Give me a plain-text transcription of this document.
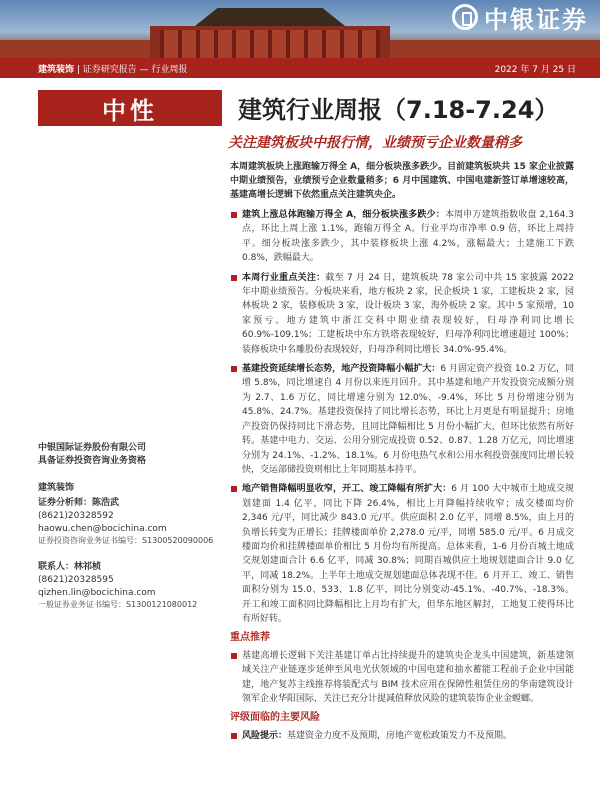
中银证券
建筑装饰 | 证券研究报告 — 行业周报	2022 年 7 月 25 日
中性	建筑行业周报（7.18-7.24）
关注建筑板块中报行情，业绩预亏企业数量稍多
本周建筑板块上涨跑输万得全 A，细分板块涨多跌少。目前建筑板块共 15 家企业披露中期业绩预告，业绩预亏企业数量稍多；6 月中国建筑、中国电建新签订单增速较高，基建高增长逻辑下依然重点关注建筑央企。
建筑上涨总体跑输万得全 A，细分板块涨多跌少：本周申万建筑指数收盘 2,164.3 点，环比上周上涨 1.1%，跑输万得全 A。行业平均市净率 0.9 倍，环比上周持平。细分板块涨多跌少，其中装修板块上涨 4.2%，涨幅最大；土建施工下跌 0.8%，跌幅最大。
本周行业重点关注：截至 7 月 24 日，建筑板块 78 家公司中共 15 家披露 2022 年中期业绩预告。分板块来看，地方板块 2 家，民企板块 1 家，工建板块 2 家，园林板块 2 家，装修板块 3 家，设计板块 3 家，海外板块 2 家。其中 5 家预增，10 家预亏。地方建筑中浙江交科中期业绩表现较好，归母净利同比增长 60.9%-109.1%；工建板块中东方铁塔表现较好，归母净利同比增速超过 100%；装修板块中名雕股份表现较好，归母净利同比增长 34.0%-95.4%。
基建投资延续增长态势，地产投资降幅小幅扩大：6 月固定资产投资 10.2 万亿，同增 5.8%，同比增速自 4 月份以来连月回升。其中基建和地产开发投资完成额分别为 2.7、1.6 万亿，同比增速分别为 12.0%、-9.4%，环比 5 月份增速分别为 45.8%、24.7%。基建投资保持了同比增长态势，环比上月更是有明显提升；房地产投资仍保持同比下滑态势，且同比降幅相比 5 月份小幅扩大，但环比依然有所好转。基建中电力、交运、公用分别完成投资 0.52、0.87、1.28 万亿元，同比增速分别为 24.1%、-1.2%、18.1%。6 月份电热气水和公用水利投资强度同比增长较快，交运部储投资则相比上年同期基本持平。
地产销售降幅明显收窄，开工、竣工降幅有所扩大：6 月 100 大中城市土地成交规划建面 1.4 亿平，同比下降 26.4%，相比上月降幅持续收窄；成交楼面均价 2,346 元/平，同比减少 843.0 元/平。供应面积 2.0 亿平，同增 8.5%，由上月的负增长转变为正增长；挂牌楼面单价 2,278.0 元/平，同增 585.0 元/平。6 月成交楼面均价和挂牌楼面单价相比 5 月份均有所提高。总体来看，1-6 月份百城土地成交规划建面合计 6.6 亿平，同减 30.8%；同期百城供应土地规划建面合计 9.0 亿平，同减 18.2%。上半年土地成交规划建面总体表现不佳。6 月开工、竣工、销售面积分别为 15.0、533、1.8 亿平，同比分别变动-45.1%、-40.7%、-18.3%。开工和竣工面积同比降幅相比上月均有扩大，但华东地区解封，工地复工使得环比有所好转。
重点推荐
基建高增长逻辑下关注基建订单占比持续提升的建筑央企龙头中国建筑，新基建领域关注产业链逐步延伸至风电光伏领域的中国电建和抽水蓄能工程前子企业中国能建，地产复苏主线推荐将装配式与 BIM 技术应用在保障性租赁住房的华南建筑设计领军企业华阳国际，关注已充分计提减值释放风险的建筑装饰企业金螳螂。
评级面临的主要风险
风险提示：基建资金力度不及预期，房地产宽松政策发力不及预期。
中银国际证券股份有限公司
具备证券投资咨询业务资格
建筑装饰
证券分析师：陈浩武
(8621)20328592
haowu.chen@bocichina.com
证券投资咨询业务证书编号：S1300520090006
联系人：林祁桢
(8621)20328595
qizhen.lin@bocichina.com
一般证券业务证书编号：S1300121080012
